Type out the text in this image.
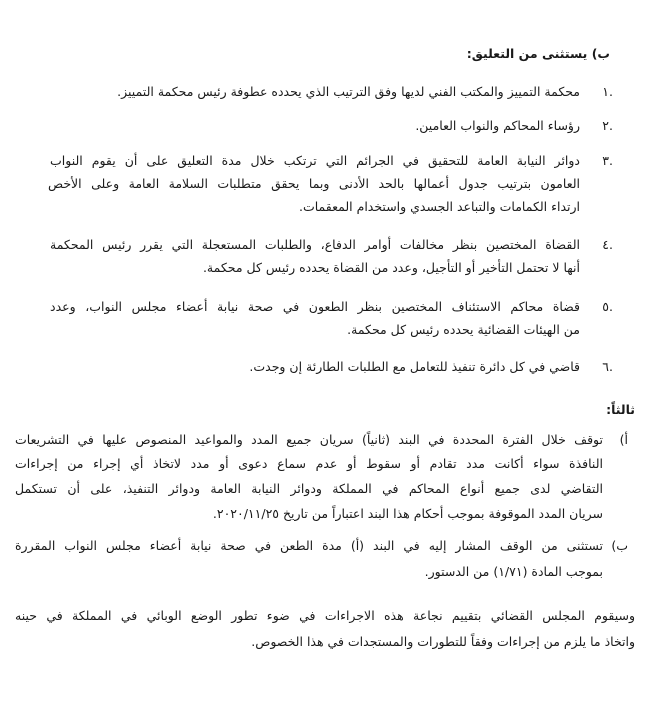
ب) يستثنى من التعليق:
.١
محكمة التمييز والمكتب الفني لديها وفق الترتيب الذي يحدده عطوفة رئيس محكمة التمييز.
.٢
رؤساء المحاكم والنواب العامين.
.٣
دوائر النيابة العامة للتحقيق في الجرائم التي ترتكب خلال مدة التعليق على أن يقوم النواب
العامون بترتيب جدول أعمالها بالحد الأدنى وبما يحقق متطلبات السلامة العامة وعلى الأخص
ارتداء الكمامات والتباعد الجسدي واستخدام المعقمات.
.٤
القضاة المختصين بنظر مخالفات أوامر الدفاع، والطلبات المستعجلة التي يقرر رئيس المحكمة
أنها لا تحتمل التأخير أو التأجيل، وعدد من القضاة يحدده رئيس كل محكمة.
.٥
قضاة محاكم الاستئناف المختصين بنظر الطعون في صحة نيابة أعضاء مجلس النواب، وعدد
من الهيئات القضائية يحدده رئيس كل محكمة.
.٦
قاضي في كل دائرة تنفيذ للتعامل مع الطلبات الطارئة إن وجدت.
ثالثاً:
أ)
توقف خلال الفترة المحددة في البند (ثانياً) سريان جميع المدد والمواعيد المنصوص عليها في التشريعات
النافذة سواء أكانت مدد تقادم أو سقوط أو عدم سماع دعوى أو مدد لاتخاذ أي إجراء من إجراءات
التقاضي لدى جميع أنواع المحاكم في المملكة ودوائر النيابة العامة ودوائر التنفيذ، على أن تستكمل
سريان المدد الموقوفة بموجب أحكام هذا البند اعتباراً من تاريخ ٢٠٢٠/١١/٢٥.
ب)
تستثنى من الوقف المشار إليه في البند (أ) مدة الطعن في صحة نيابة أعضاء مجلس النواب المقررة
بموجب المادة (١/٧١) من الدستور.
وسيقوم المجلس القضائي بتقييم نجاعة هذه الاجراءات في ضوء تطور الوضع الوبائي في المملكة في حينه
واتخاذ ما يلزم من إجراءات وفقاً للتطورات والمستجدات في هذا الخصوص.
